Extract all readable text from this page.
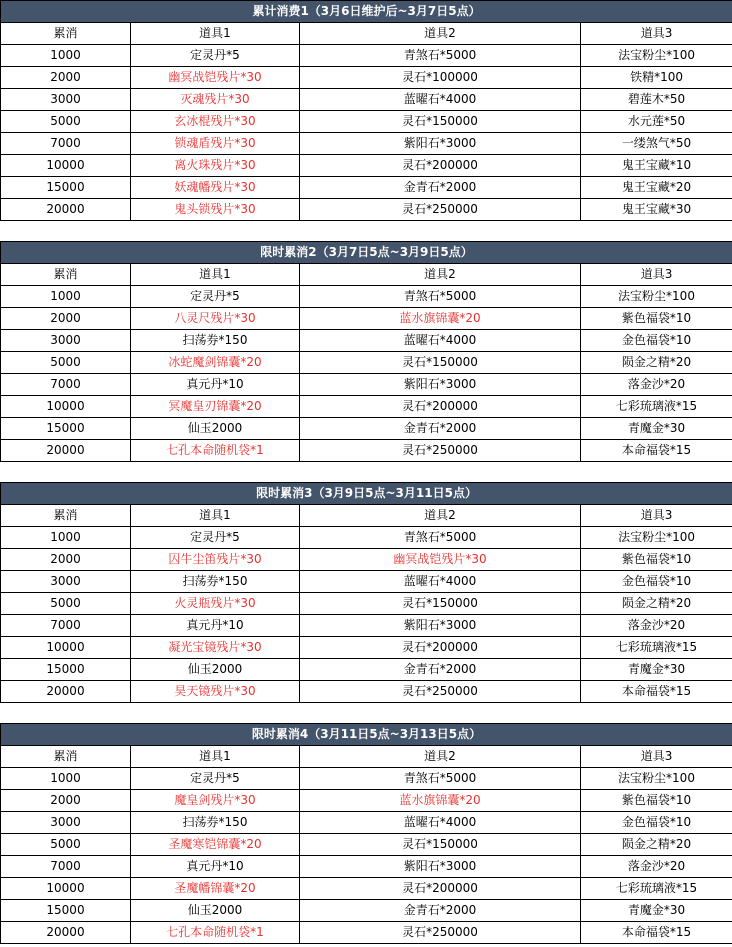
累计消费1（3月6日维护后~3月7日5点）			
累消	道具1	道具2	道具3
1000	定灵丹*5	青煞石*5000	法宝粉尘*100
2000	幽冥战铠残片*30	灵石*100000	铁精*100
3000	灭魂残片*30	蓝曜石*4000	碧莲木*50
5000	玄冰棍残片*30	灵石*150000	水元莲*50
7000	锁魂盾残片*30	紫阳石*3000	一缕煞气*50
10000	离火珠残片*30	灵石*200000	鬼王宝藏*10
15000	妖魂幡残片*30	金青石*2000	鬼王宝藏*20
20000	鬼头锁残片*30	灵石*250000	鬼王宝藏*30
限时累消2（3月7日5点~3月9日5点）			
累消	道具1	道具2	道具3
1000	定灵丹*5	青煞石*5000	法宝粉尘*100
2000	八灵尺残片*30	蓝水旗锦囊*20	紫色福袋*10
3000	扫荡券*150	蓝曜石*4000	金色福袋*10
5000	冰蛇魔剑锦囊*20	灵石*150000	陨金之精*20
7000	真元丹*10	紫阳石*3000	落金沙*20
10000	冥魔皇刃锦囊*20	灵石*200000	七彩琉璃液*15
15000	仙玉2000	金青石*2000	青魔金*30
20000	七孔本命随机袋*1	灵石*250000	本命福袋*15
限时累消3（3月9日5点~3月11日5点）			
累消	道具1	道具2	道具3
1000	定灵丹*5	青煞石*5000	法宝粉尘*100
2000	囚牛尘笛残片*30	幽冥战铠残片*30	紫色福袋*10
3000	扫荡券*150	蓝曜石*4000	金色福袋*10
5000	火灵瓶残片*30	灵石*150000	陨金之精*20
7000	真元丹*10	紫阳石*3000	落金沙*20
10000	凝光宝镜残片*30	灵石*200000	七彩琉璃液*15
15000	仙玉2000	金青石*2000	青魔金*30
20000	昊天镜残片*30	灵石*250000	本命福袋*15
限时累消4（3月11日5点~3月13日5点）			
累消	道具1	道具2	道具3
1000	定灵丹*5	青煞石*5000	法宝粉尘*100
2000	魔皇剑残片*30	蓝水旗锦囊*20	紫色福袋*10
3000	扫荡券*150	蓝曜石*4000	金色福袋*10
5000	圣魔寒铠锦囊*20	灵石*150000	陨金之精*20
7000	真元丹*10	紫阳石*3000	落金沙*20
10000	圣魔幡锦囊*20	灵石*200000	七彩琉璃液*15
15000	仙玉2000	金青石*2000	青魔金*30
20000	七孔本命随机袋*1	灵石*250000	本命福袋*15
